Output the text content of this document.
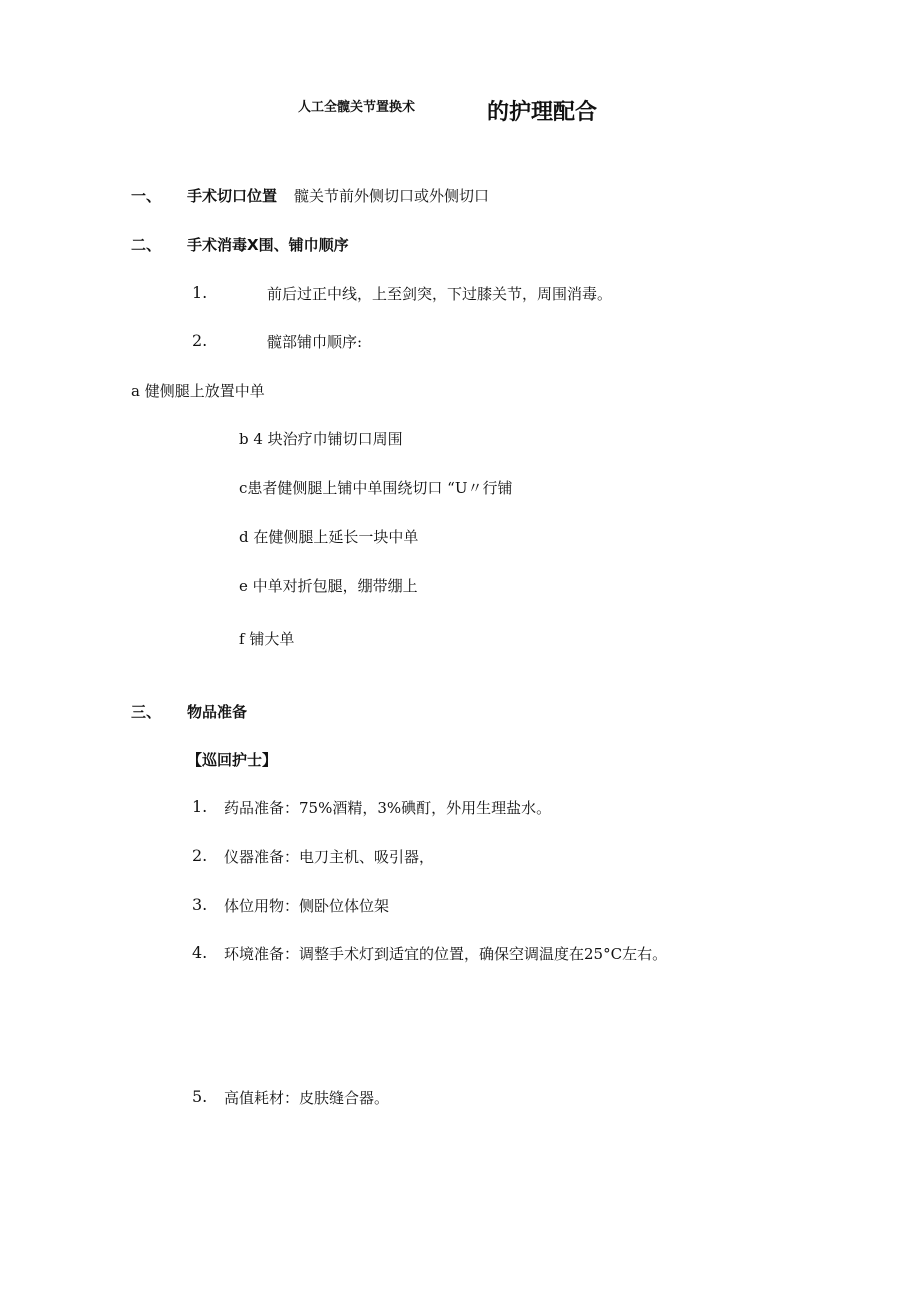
人工全髋关节置换术	的护理配合
一、 手术切口位置 髋关节前外侧切口或外侧切口
二、 手术消毒X围、铺巾顺序
1.	前后过正中线，上至剑突，下过膝关节，周围消毒。
2.	髋部铺巾顺序:
a 健侧腿上放置中单
b 4 块治疗巾铺切口周围
c患者健侧腿上铺中单围绕切口 “U〃行铺
d 在健侧腿上延长一块中单
e 中单对折包腿，绷带绷上
f 铺大单
三、 物品准备
【巡回护士】
1. 药品准备：75%酒精，3%碘酊，外用生理盐水。
2. 仪器准备：电刀主机、吸引器，
3. 体位用物：侧卧位体位架
4. 环境准备：调整手术灯到适宜的位置，确保空调温度在25°C左右。
5. 高值耗材：皮肤缝合器。
